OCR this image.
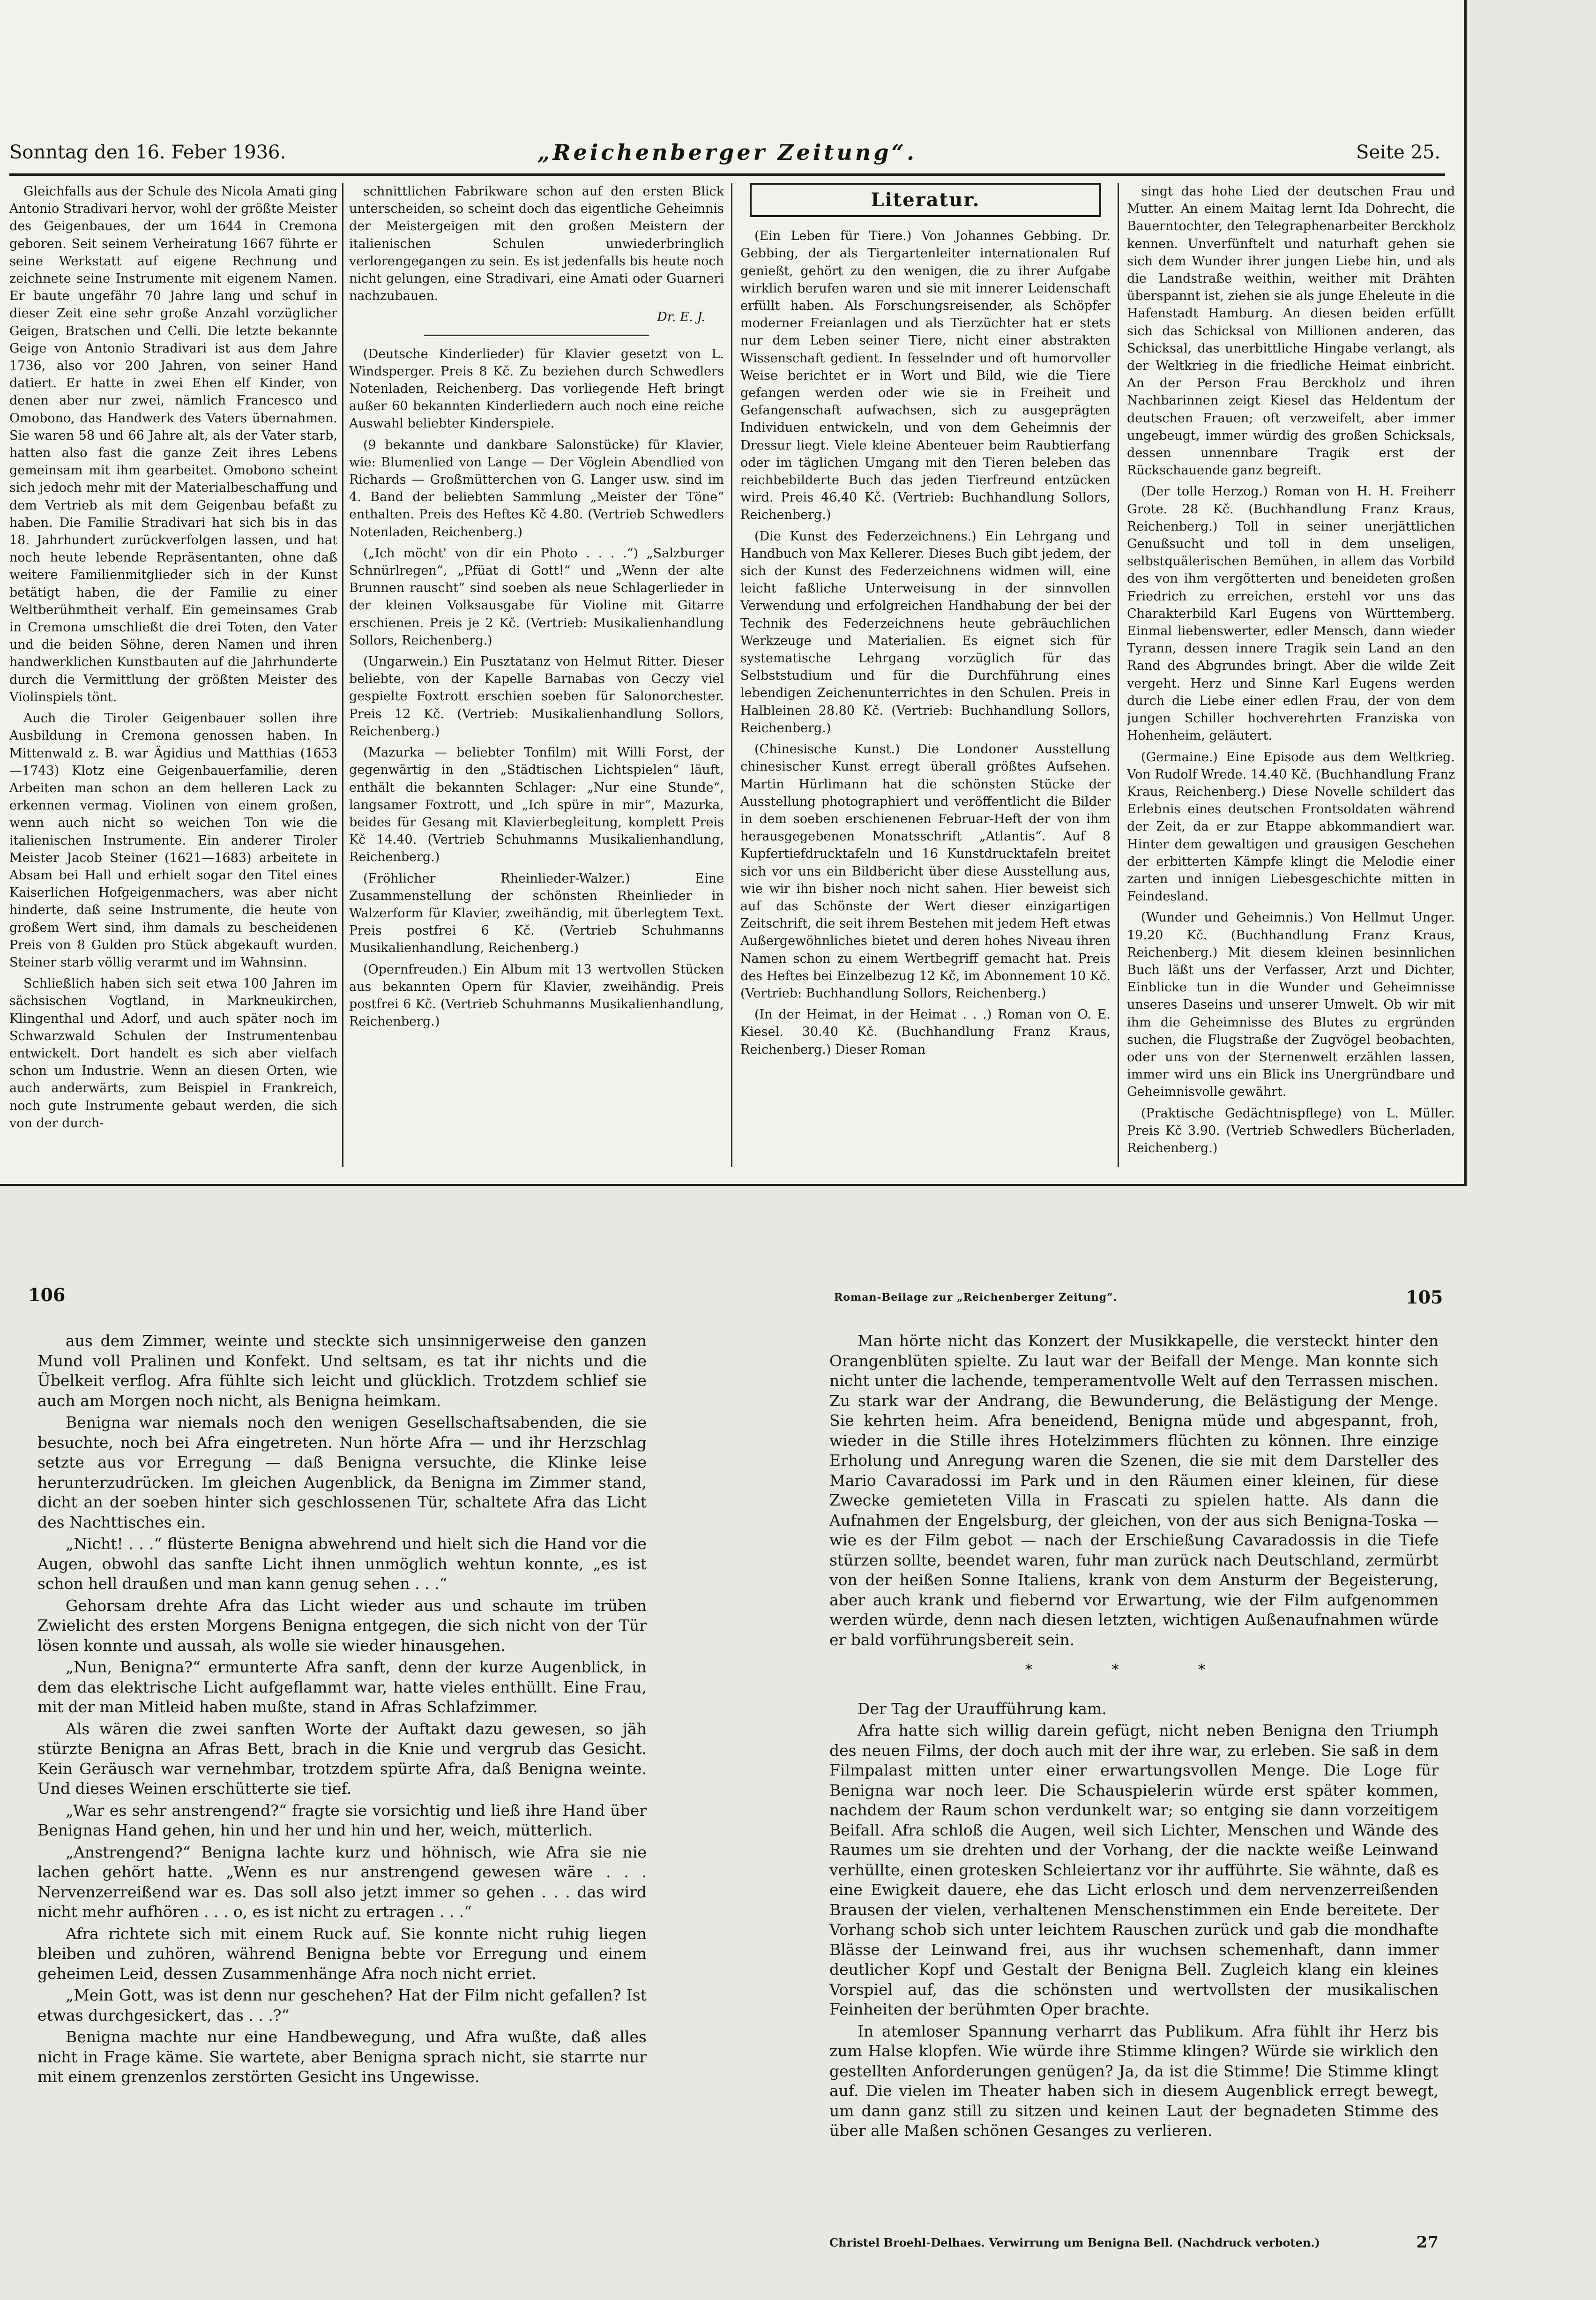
Sonntag den 16. Feber 1936.	„Reichenberger Zeitung“.	Seite 25.

Gleichfalls aus der Schule des Nicola Amati ging Antonio Stradivari hervor, wohl der größte Meister des Geigenbaues, der um 1644 in Cremona geboren. Seit seinem Verheiratung 1667 führte er seine Werkstatt auf eigene Rechnung und zeichnete seine Instrumente mit eigenem Namen. Er baute ungefähr 70 Jahre lang und schuf in dieser Zeit eine sehr große Anzahl vorzüglicher Geigen, Bratschen und Celli. Die letzte bekannte Geige von Antonio Stradivari ist aus dem Jahre 1736, also vor 200 Jahren, von seiner Hand datiert. Er hatte in zwei Ehen elf Kinder, von denen aber nur zwei, nämlich Francesco und Omobono, das Handwerk des Vaters übernahmen. Sie waren 58 und 66 Jahre alt, als der Vater starb, hatten also fast die ganze Zeit ihres Lebens gemeinsam mit ihm gearbeitet. Omobono scheint sich jedoch mehr mit der Materialbeschaffung und dem Vertrieb als mit dem Geigenbau befaßt zu haben. Die Familie Stradivari hat sich bis in das 18. Jahrhundert zurückverfolgen lassen, und hat noch heute lebende Repräsentanten, ohne daß weitere Familienmitglieder sich in der Kunst betätigt haben, die der Familie zu einer Weltberühmtheit verhalf. Ein gemeinsames Grab in Cremona umschließt die drei Toten, den Vater und die beiden Söhne, deren Namen und ihren handwerklichen Kunstbauten auf die Jahrhunderte durch die Vermittlung der größten Meister des Violinspiels tönt.

Auch die Tiroler Geigenbauer sollen ihre Ausbildung in Cremona genossen haben. In Mittenwald z. B. war Ägidius und Matthias (1653—1743) Klotz eine Geigenbauerfamilie, deren Arbeiten man schon an dem helleren Lack zu erkennen vermag. Violinen von einem großen, wenn auch nicht so weichen Ton wie die italienischen Instrumente. Ein anderer Tiroler Meister Jacob Steiner (1621—1683) arbeitete in Absam bei Hall und erhielt sogar den Titel eines Kaiserlichen Hofgeigenmachers, was aber nicht hinderte, daß seine Instrumente, die heute von großem Wert sind, ihm damals zu bescheidenen Preis von 8 Gulden pro Stück abgekauft wurden. Steiner starb völlig verarmt und im Wahnsinn.

Schließlich haben sich seit etwa 100 Jahren im sächsischen Vogtland, in Markneukirchen, Klingenthal und Adorf, und auch später noch im Schwarzwald Schulen der Instrumentenbau entwickelt. Dort handelt es sich aber vielfach schon um Industrie. Wenn an diesen Orten, wie auch anderwärts, zum Beispiel in Frankreich, noch gute Instrumente gebaut werden, die sich von der durch-

schnittlichen Fabrikware schon auf den ersten Blick unterscheiden, so scheint doch das eigentliche Geheimnis der Meistergeigen mit den großen Meistern der italienischen Schulen unwiederbringlich verlorengegangen zu sein. Es ist jedenfalls bis heute noch nicht gelungen, eine Stradivari, eine Amati oder Guarneri nachzubauen.

Dr. E. J.

(Deutsche Kinderlieder) für Klavier gesetzt von L. Windsperger. Preis 8 Kč. Zu beziehen durch Schwedlers Notenladen, Reichenberg. Das vorliegende Heft bringt außer 60 bekannten Kinderliedern auch noch eine reiche Auswahl beliebter Kinderspiele.

(9 bekannte und dankbare Salonstücke) für Klavier, wie: Blumenlied von Lange — Der Vöglein Abendlied von Richards — Großmütterchen von G. Langer usw. sind im 4. Band der beliebten Sammlung „Meister der Töne“ enthalten. Preis des Heftes Kč 4.80. (Vertrieb Schwedlers Notenladen, Reichenberg.)

(„Ich möcht' von dir ein Photo . . . .“) „Salzburger Schnürlregen“, „Pfüat di Gott!“ und „Wenn der alte Brunnen rauscht“ sind soeben als neue Schlagerlieder in der kleinen Volksausgabe für Violine mit Gitarre erschienen. Preis je 2 Kč. (Vertrieb: Musikalienhandlung Sollors, Reichenberg.)

(Ungarwein.) Ein Pusztatanz von Helmut Ritter. Dieser beliebte, von der Kapelle Barnabas von Geczy viel gespielte Foxtrott erschien soeben für Salonorchester. Preis 12 Kč. (Vertrieb: Musikalienhandlung Sollors, Reichenberg.)

(Mazurka — beliebter Tonfilm) mit Willi Forst, der gegenwärtig in den „Städtischen Lichtspielen“ läuft, enthält die bekannten Schlager: „Nur eine Stunde“, langsamer Foxtrott, und „Ich spüre in mir“, Mazurka, beides für Gesang mit Klavierbegleitung, komplett Preis Kč 14.40. (Vertrieb Schuhmanns Musikalienhandlung, Reichenberg.)

(Fröhlicher Rheinlieder-Walzer.) Eine Zusammenstellung der schönsten Rheinlieder in Walzerform für Klavier, zweihändig, mit überlegtem Text. Preis postfrei 6 Kč. (Vertrieb Schuhmanns Musikalienhandlung, Reichenberg.)

(Opernfreuden.) Ein Album mit 13 wertvollen Stücken aus bekannten Opern für Klavier, zweihändig. Preis postfrei 6 Kč. (Vertrieb Schuhmanns Musikalienhandlung, Reichenberg.)

Literatur.

(Ein Leben für Tiere.) Von Johannes Gebbing. Dr. Gebbing, der als Tiergartenleiter internationalen Ruf genießt, gehört zu den wenigen, die zu ihrer Aufgabe wirklich berufen waren und sie mit innerer Leidenschaft erfüllt haben. Als Forschungsreisender, als Schöpfer moderner Freianlagen und als Tierzüchter hat er stets nur dem Leben seiner Tiere, nicht einer abstrakten Wissenschaft gedient. In fesselnder und oft humorvoller Weise berichtet er in Wort und Bild, wie die Tiere gefangen werden oder wie sie in Freiheit und Gefangenschaft aufwachsen, sich zu ausgeprägten Individuen entwickeln, und von dem Geheimnis der Dressur liegt. Viele kleine Abenteuer beim Raubtierfang oder im täglichen Umgang mit den Tieren beleben das reichbebilderte Buch das jeden Tierfreund entzücken wird. Preis 46.40 Kč. (Vertrieb: Buchhandlung Sollors, Reichenberg.)

(Die Kunst des Federzeichnens.) Ein Lehrgang und Handbuch von Max Kellerer. Dieses Buch gibt jedem, der sich der Kunst des Federzeichnens widmen will, eine leicht faßliche Unterweisung in der sinnvollen Verwendung und erfolgreichen Handhabung der bei der Technik des Federzeichnens heute gebräuchlichen Werkzeuge und Materialien. Es eignet sich für systematische Lehrgang vorzüglich für das Selbststudium und für die Durchführung eines lebendigen Zeichenunterrichtes in den Schulen. Preis in Halbleinen 28.80 Kč. (Vertrieb: Buchhandlung Sollors, Reichenberg.)

(Chinesische Kunst.) Die Londoner Ausstellung chinesischer Kunst erregt überall größtes Aufsehen. Martin Hürlimann hat die schönsten Stücke der Ausstellung photographiert und veröffentlicht die Bilder in dem soeben erschienenen Februar-Heft der von ihm herausgegebenen Monatsschrift „Atlantis“. Auf 8 Kupfertiefdrucktafeln und 16 Kunstdrucktafeln breitet sich vor uns ein Bildbericht über diese Ausstellung aus, wie wir ihn bisher noch nicht sahen. Hier beweist sich auf das Schönste der Wert dieser einzigartigen Zeitschrift, die seit ihrem Bestehen mit jedem Heft etwas Außergewöhnliches bietet und deren hohes Niveau ihren Namen schon zu einem Wertbegriff gemacht hat. Preis des Heftes bei Einzelbezug 12 Kč, im Abonnement 10 Kč. (Vertrieb: Buchhandlung Sollors, Reichenberg.)

(In der Heimat, in der Heimat . . .) Roman von O. E. Kiesel. 30.40 Kč. (Buchhandlung Franz Kraus, Reichenberg.) Dieser Roman

singt das hohe Lied der deutschen Frau und Mutter. An einem Maitag lernt Ida Dohrecht, die Bauerntochter, den Telegraphenarbeiter Berckholz kennen. Unverfünftelt und naturhaft gehen sie sich dem Wunder ihrer jungen Liebe hin, und als die Landstraße weithin, weither mit Drähten überspannt ist, ziehen sie als junge Eheleute in die Hafenstadt Hamburg. An diesen beiden erfüllt sich das Schicksal von Millionen anderen, das Schicksal, das unerbittliche Hingabe verlangt, als der Weltkrieg in die friedliche Heimat einbricht. An der Person Frau Berckholz und ihren Nachbarinnen zeigt Kiesel das Heldentum der deutschen Frauen; oft verzweifelt, aber immer ungebeugt, immer würdig des großen Schicksals, dessen unnennbare Tragik erst der Rückschauende ganz begreift.

(Der tolle Herzog.) Roman von H. H. Freiherr Grote. 28 Kč. (Buchhandlung Franz Kraus, Reichenberg.) Toll in seiner unerjättlichen Genußsucht und toll in dem unseligen, selbstquälerischen Bemühen, in allem das Vorbild des von ihm vergötterten und beneideten großen Friedrich zu erreichen, erstehl vor uns das Charakterbild Karl Eugens von Württemberg. Einmal liebenswerter, edler Mensch, dann wieder Tyrann, dessen innere Tragik sein Land an den Rand des Abgrundes bringt. Aber die wilde Zeit vergeht. Herz und Sinne Karl Eugens werden durch die Liebe einer edlen Frau, der von dem jungen Schiller hochverehrten Franziska von Hohenheim, geläutert.

(Germaine.) Eine Episode aus dem Weltkrieg. Von Rudolf Wrede. 14.40 Kč. (Buchhandlung Franz Kraus, Reichenberg.) Diese Novelle schildert das Erlebnis eines deutschen Frontsoldaten während der Zeit, da er zur Etappe abkommandiert war. Hinter dem gewaltigen und grausigen Geschehen der erbitterten Kämpfe klingt die Melodie einer zarten und innigen Liebesgeschichte mitten in Feindesland.

(Wunder und Geheimnis.) Von Hellmut Unger. 19.20 Kč. (Buchhandlung Franz Kraus, Reichenberg.) Mit diesem kleinen besinnlichen Buch läßt uns der Verfasser, Arzt und Dichter, Einblicke tun in die Wunder und Geheimnisse unseres Daseins und unserer Umwelt. Ob wir mit ihm die Geheimnisse des Blutes zu ergründen suchen, die Flugstraße der Zugvögel beobachten, oder uns von der Sternenwelt erzählen lassen, immer wird uns ein Blick ins Unergründbare und Geheimnisvolle gewährt.

(Praktische Gedächtnispflege) von L. Müller. Preis Kč 3.90. (Vertrieb Schwedlers Bücherladen, Reichenberg.)

106	Roman-Beilage zur „Reichenberger Zeitung“.	105

aus dem Zimmer, weinte und steckte sich unsinnigerweise den ganzen Mund voll Pralinen und Konfekt. Und seltsam, es tat ihr nichts und die Übelkeit verflog. Afra fühlte sich leicht und glücklich. Trotzdem schlief sie auch am Morgen noch nicht, als Benigna heimkam.

Benigna war niemals noch den wenigen Gesellschaftsabenden, die sie besuchte, noch bei Afra eingetreten. Nun hörte Afra — und ihr Herzschlag setzte aus vor Erregung — daß Benigna versuchte, die Klinke leise herunterzudrücken. Im gleichen Augenblick, da Benigna im Zimmer stand, dicht an der soeben hinter sich geschlossenen Tür, schaltete Afra das Licht des Nachttisches ein.

„Nicht! . . .“ flüsterte Benigna abwehrend und hielt sich die Hand vor die Augen, obwohl das sanfte Licht ihnen unmöglich wehtun konnte, „es ist schon hell draußen und man kann genug sehen . . .“

Gehorsam drehte Afra das Licht wieder aus und schaute im trüben Zwielicht des ersten Morgens Benigna entgegen, die sich nicht von der Tür lösen konnte und aussah, als wolle sie wieder hinausgehen.

„Nun, Benigna?“ ermunterte Afra sanft, denn der kurze Augenblick, in dem das elektrische Licht aufgeflammt war, hatte vieles enthüllt. Eine Frau, mit der man Mitleid haben mußte, stand in Afras Schlafzimmer.

Als wären die zwei sanften Worte der Auftakt dazu gewesen, so jäh stürzte Benigna an Afras Bett, brach in die Knie und vergrub das Gesicht. Kein Geräusch war vernehmbar, trotzdem spürte Afra, daß Benigna weinte. Und dieses Weinen erschütterte sie tief.

„War es sehr anstrengend?“ fragte sie vorsichtig und ließ ihre Hand über Benignas Hand gehen, hin und her und hin und her, weich, mütterlich.

„Anstrengend?“ Benigna lachte kurz und höhnisch, wie Afra sie nie lachen gehört hatte. „Wenn es nur anstrengend gewesen wäre . . . Nervenzerreißend war es. Das soll also jetzt immer so gehen . . . das wird nicht mehr aufhören . . . o, es ist nicht zu ertragen . . .“

Afra richtete sich mit einem Ruck auf. Sie konnte nicht ruhig liegen bleiben und zuhören, während Benigna bebte vor Erregung und einem geheimen Leid, dessen Zusammenhänge Afra noch nicht erriet.

„Mein Gott, was ist denn nur geschehen? Hat der Film nicht gefallen? Ist etwas durchgesickert, das . . .?“

Benigna machte nur eine Handbewegung, und Afra wußte, daß alles nicht in Frage käme. Sie wartete, aber Benigna sprach nicht, sie starrte nur mit einem grenzenlos zerstörten Gesicht ins Ungewisse.

Man hörte nicht das Konzert der Musikkapelle, die versteckt hinter den Orangenblüten spielte. Zu laut war der Beifall der Menge. Man konnte sich nicht unter die lachende, temperamentvolle Welt auf den Terrassen mischen. Zu stark war der Andrang, die Bewunderung, die Belästigung der Menge. Sie kehrten heim. Afra beneidend, Benigna müde und abgespannt, froh, wieder in die Stille ihres Hotelzimmers flüchten zu können. Ihre einzige Erholung und Anregung waren die Szenen, die sie mit dem Darsteller des Mario Cavaradossi im Park und in den Räumen einer kleinen, für diese Zwecke gemieteten Villa in Frascati zu spielen hatte. Als dann die Aufnahmen der Engelsburg, der gleichen, von der aus sich Benigna-Toska — wie es der Film gebot — nach der Erschießung Cavaradossis in die Tiefe stürzen sollte, beendet waren, fuhr man zurück nach Deutschland, zermürbt von der heißen Sonne Italiens, krank von dem Ansturm der Begeisterung, aber auch krank und fiebernd vor Erwartung, wie der Film aufgenommen werden würde, denn nach diesen letzten, wichtigen Außenaufnahmen würde er bald vorführungsbereit sein.

* * *

Der Tag der Uraufführung kam.

Afra hatte sich willig darein gefügt, nicht neben Benigna den Triumph des neuen Films, der doch auch mit der ihre war, zu erleben. Sie saß in dem Filmpalast mitten unter einer erwartungsvollen Menge. Die Loge für Benigna war noch leer. Die Schauspielerin würde erst später kommen, nachdem der Raum schon verdunkelt war; so entging sie dann vorzeitigem Beifall. Afra schloß die Augen, weil sich Lichter, Menschen und Wände des Raumes um sie drehten und der Vorhang, der die nackte weiße Leinwand verhüllte, einen grotesken Schleiertanz vor ihr aufführte. Sie wähnte, daß es eine Ewigkeit dauere, ehe das Licht erlosch und dem nervenzerreißenden Brausen der vielen, verhaltenen Menschenstimmen ein Ende bereitete. Der Vorhang schob sich unter leichtem Rauschen zurück und gab die mondhafte Blässe der Leinwand frei, aus ihr wuchsen schemenhaft, dann immer deutlicher Kopf und Gestalt der Benigna Bell. Zugleich klang ein kleines Vorspiel auf, das die schönsten und wertvollsten der musikalischen Feinheiten der berühmten Oper brachte.

In atemloser Spannung verharrt das Publikum. Afra fühlt ihr Herz bis zum Halse klopfen. Wie würde ihre Stimme klingen? Würde sie wirklich den gestellten Anforderungen genügen? Ja, da ist die Stimme! Die Stimme klingt auf. Die vielen im Theater haben sich in diesem Augenblick erregt bewegt, um dann ganz still zu sitzen und keinen Laut der begnadeten Stimme des über alle Maßen schönen Gesanges zu verlieren.

Christel Broehl-Delhaes. Verwirrung um Benigna Bell. (Nachdruck verboten.)	27
